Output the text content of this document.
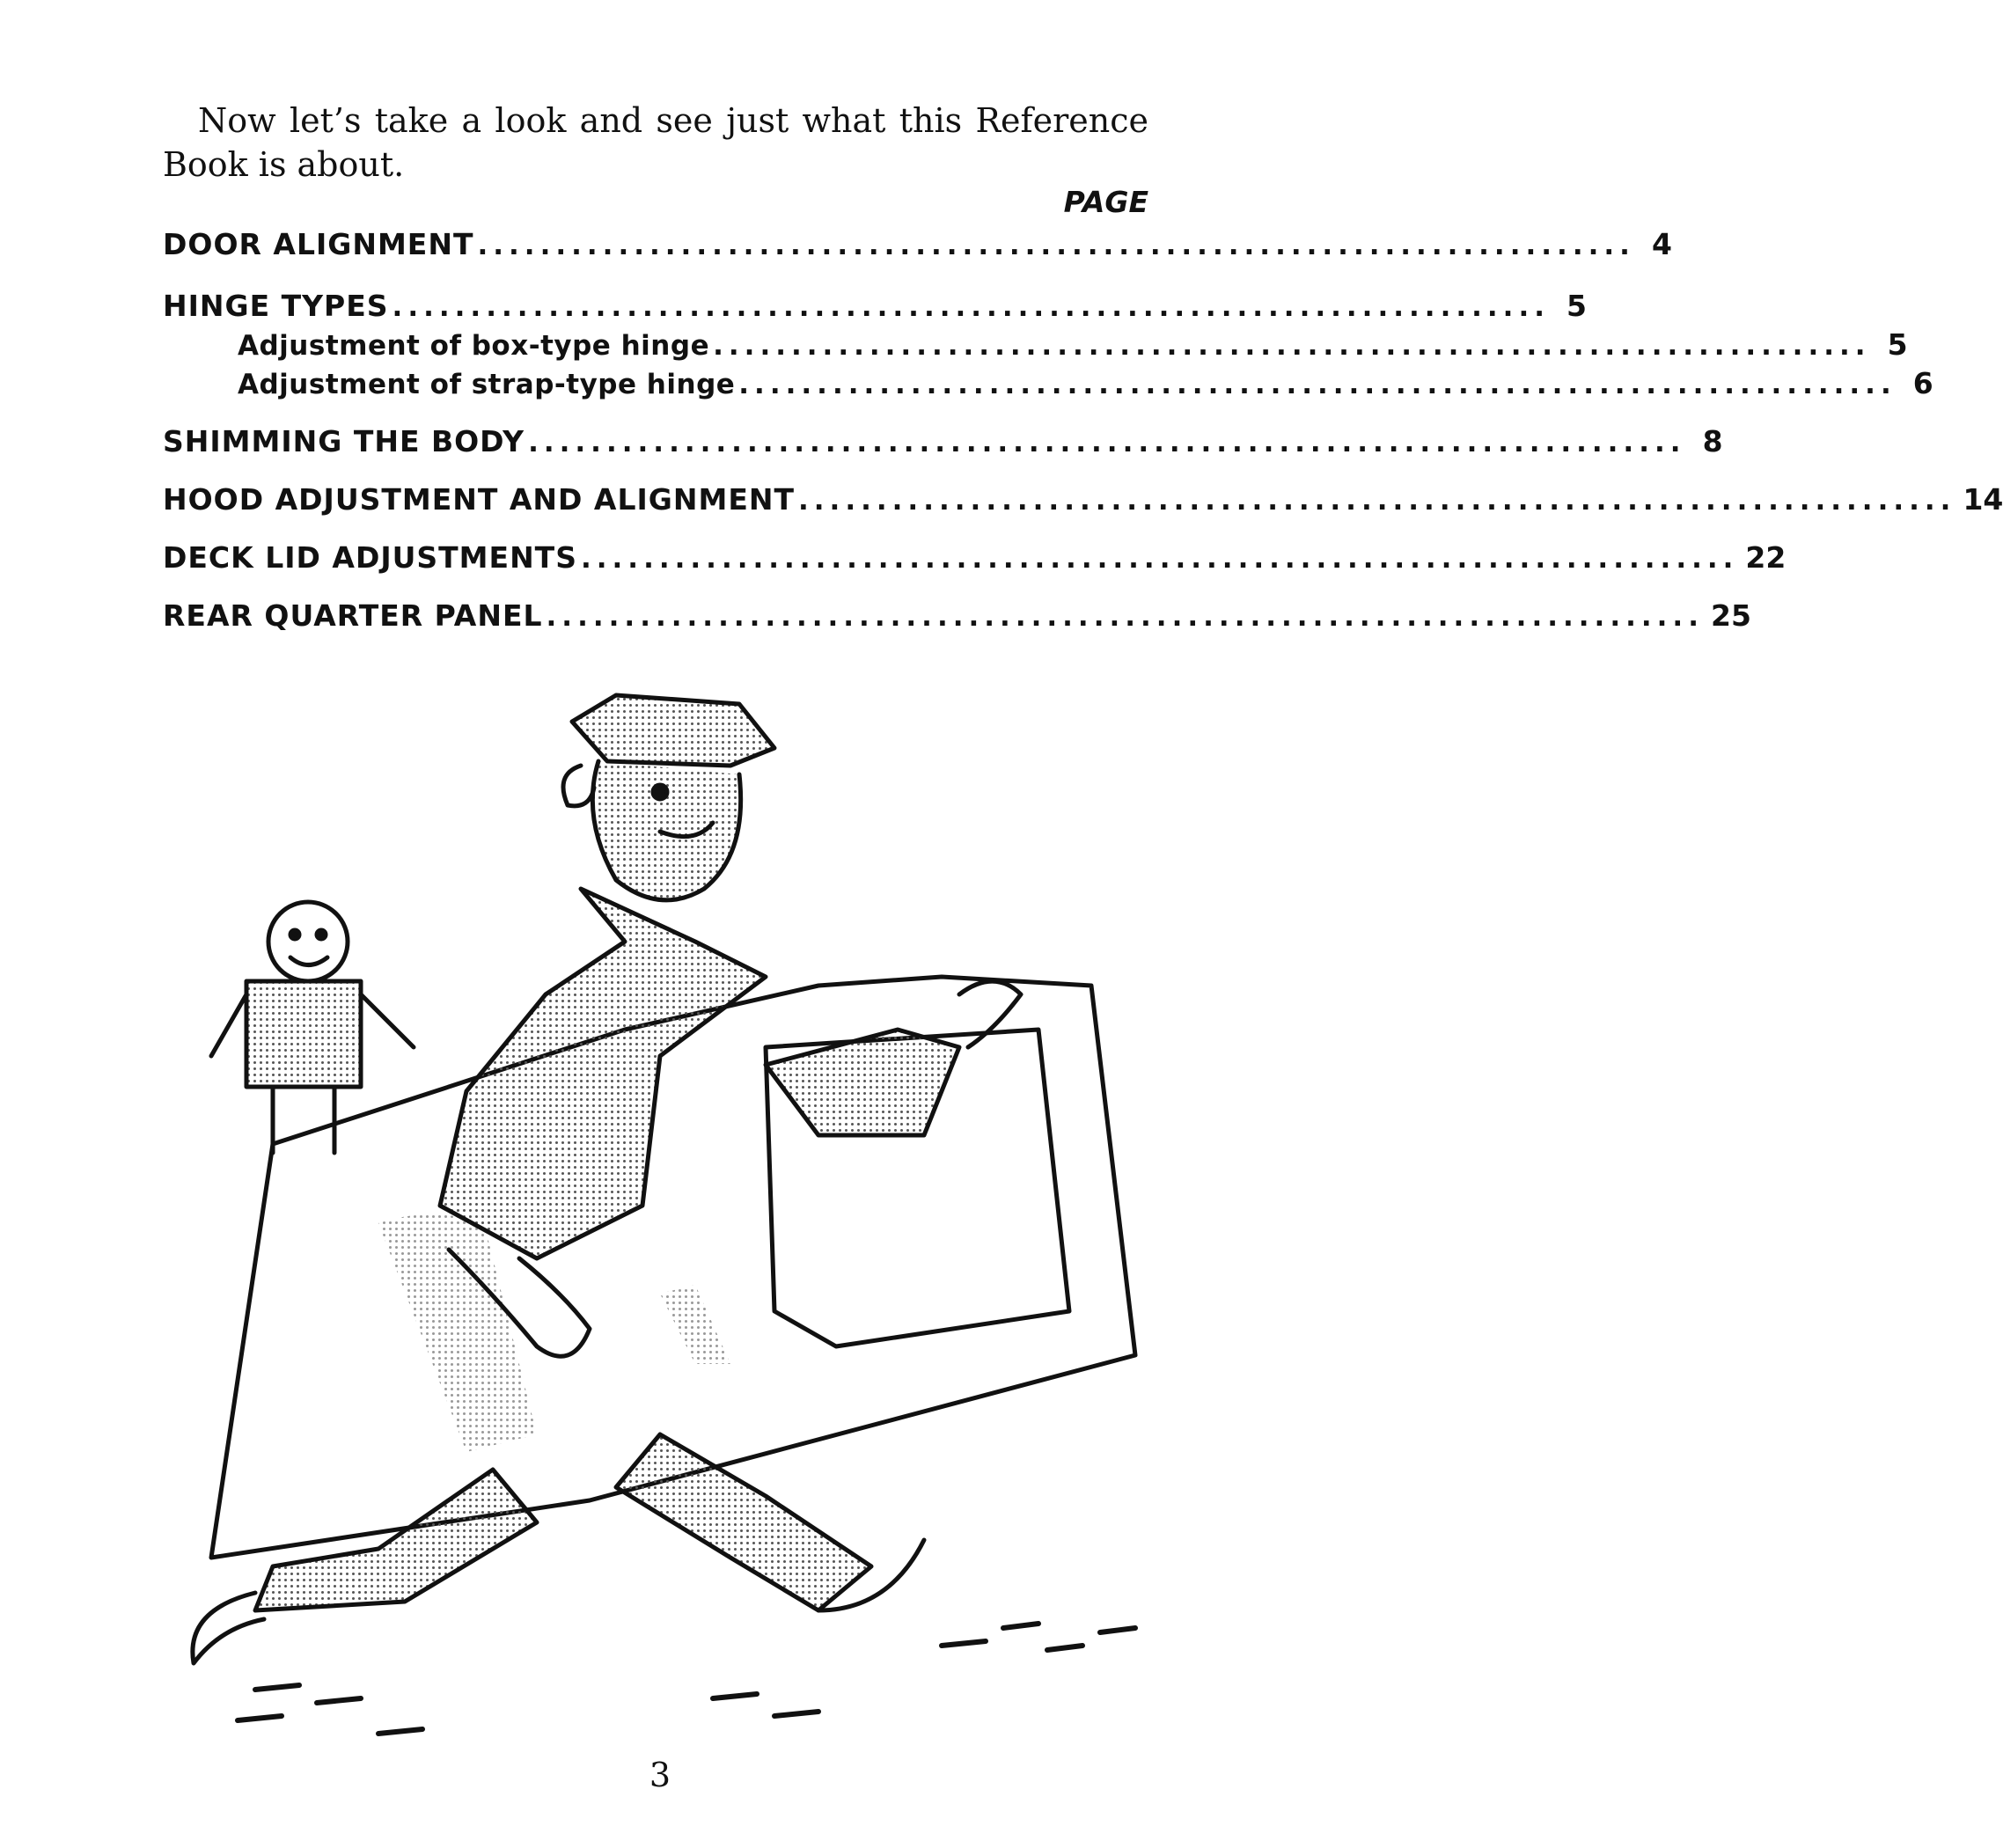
Now let’s take a look and see just what this Reference Book is about.

PAGE
DOOR ALIGNMENT .......................................................................... 4
HINGE TYPES .......................................................................... 5
Adjustment of box-type hinge .......................................................................... 5
Adjustment of strap-type hinge .......................................................................... 6
SHIMMING THE BODY .......................................................................... 8
HOOD ADJUSTMENT AND ALIGNMENT .......................................................................... 14
DECK LID ADJUSTMENTS .......................................................................... 22
REAR QUARTER PANEL .......................................................................... 25
3
